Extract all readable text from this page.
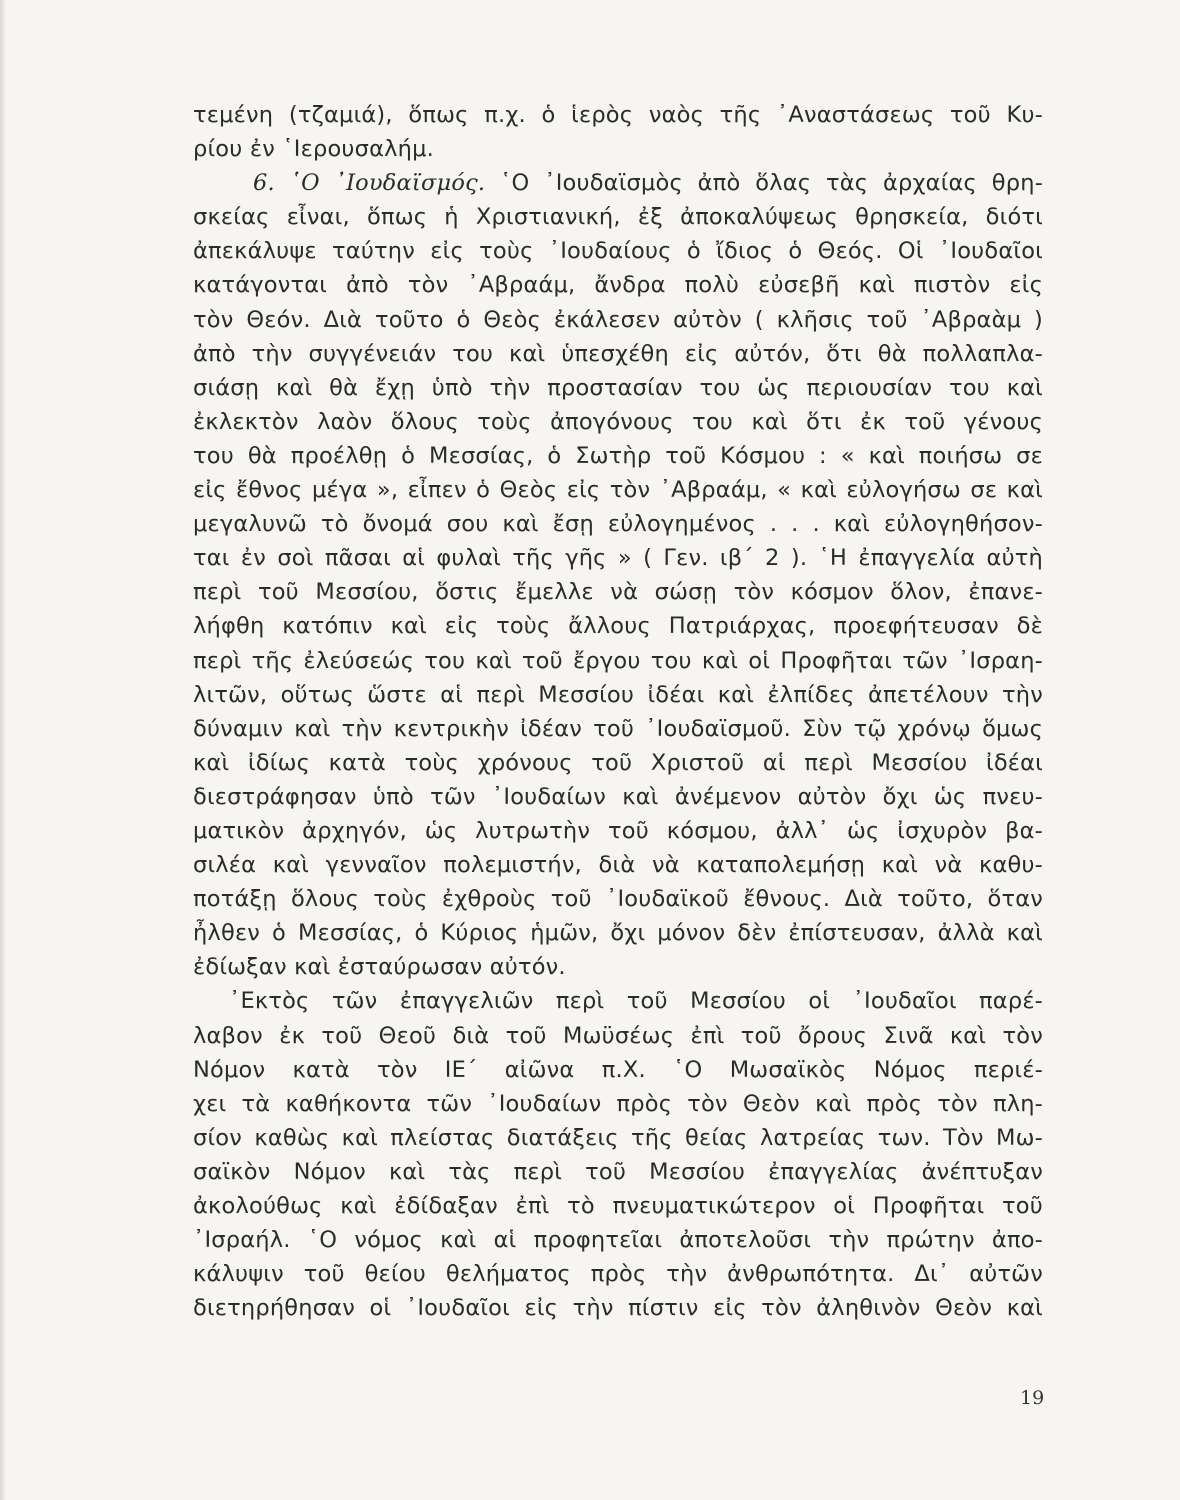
τεμένη (τζαμιά), ὅπως π.χ. ὁ ἱερὸς ναὸς τῆς ᾿Αναστάσεως τοῦ Κυ-
ρίου ἐν ῾Ιερουσαλήμ.
6. ῾Ο ᾿Ιουδαϊσμός. ῾Ο ᾿Ιουδαϊσμὸς ἀπὸ ὅλας τὰς ἀρχαίας θρη-
σκείας εἶναι, ὅπως ἡ Χριστιανική, ἐξ ἀποκαλύψεως θρησκεία, διότι
ἀπεκάλυψε ταύτην εἰς τοὺς ᾿Ιουδαίους ὁ ἴδιος ὁ Θεός. Οἱ ᾿Ιουδαῖοι
κατάγονται ἀπὸ τὸν ᾿Αβραάμ, ἄνδρα πολὺ εὐσεβῆ καὶ πιστὸν εἰς
τὸν Θεόν. Διὰ τοῦτο ὁ Θεὸς ἐκάλεσεν αὐτὸν ( κλῆσις τοῦ ᾿Αβραὰμ )
ἀπὸ τὴν συγγένειάν του καὶ ὑπεσχέθη εἰς αὐτόν, ὅτι θὰ πολλαπλα-
σιάσῃ καὶ θὰ ἔχῃ ὑπὸ τὴν προστασίαν του ὡς περιουσίαν του καὶ
ἐκλεκτὸν λαὸν ὅλους τοὺς ἀπογόνους του καὶ ὅτι ἐκ τοῦ γένους
του θὰ προέλθῃ ὁ Μεσσίας, ὁ Σωτὴρ τοῦ Κόσμου : « καὶ ποιήσω σε
εἰς ἔθνος μέγα », εἶπεν ὁ Θεὸς εἰς τὸν ᾿Αβραάμ, « καὶ εὐλογήσω σε καὶ
μεγαλυνῶ τὸ ὄνομά σου καὶ ἔσῃ εὐλογημένος . . . καὶ εὐλογηθήσον-
ται ἐν σοὶ πᾶσαι αἱ φυλαὶ τῆς γῆς » ( Γεν. ιβ΄ 2 ). ῾Η ἐπαγγελία αὐτὴ
περὶ τοῦ Μεσσίου, ὅστις ἔμελλε νὰ σώσῃ τὸν κόσμον ὅλον, ἐπανε-
λήφθη κατόπιν καὶ εἰς τοὺς ἄλλους Πατριάρχας, προεφήτευσαν δὲ
περὶ τῆς ἐλεύσεώς του καὶ τοῦ ἔργου του καὶ οἱ Προφῆται τῶν ᾿Ισραη-
λιτῶν, οὕτως ὥστε αἱ περὶ Μεσσίου ἰδέαι καὶ ἐλπίδες ἀπετέλουν τὴν
δύναμιν καὶ τὴν κεντρικὴν ἰδέαν τοῦ ᾿Ιουδαϊσμοῦ. Σὺν τῷ χρόνῳ ὅμως
καὶ ἰδίως κατὰ τοὺς χρόνους τοῦ Χριστοῦ αἱ περὶ Μεσσίου ἰδέαι
διεστράφησαν ὑπὸ τῶν ᾿Ιουδαίων καὶ ἀνέμενον αὐτὸν ὄχι ὡς πνευ-
ματικὸν ἀρχηγόν, ὡς λυτρωτὴν τοῦ κόσμου, ἀλλ᾿ ὡς ἰσχυρὸν βα-
σιλέα καὶ γενναῖον πολεμιστήν, διὰ νὰ καταπολεμήσῃ καὶ νὰ καθυ-
ποτάξῃ ὅλους τοὺς ἐχθροὺς τοῦ ᾿Ιουδαϊκοῦ ἔθνους. Διὰ τοῦτο, ὅταν
ἦλθεν ὁ Μεσσίας, ὁ Κύριος ἡμῶν, ὄχι μόνον δὲν ἐπίστευσαν, ἀλλὰ καὶ
ἐδίωξαν καὶ ἐσταύρωσαν αὐτόν.
᾿Εκτὸς τῶν ἐπαγγελιῶν περὶ τοῦ Μεσσίου οἱ ᾿Ιουδαῖοι παρέ-
λαβον ἐκ τοῦ Θεοῦ διὰ τοῦ Μωϋσέως ἐπὶ τοῦ ὄρους Σινᾶ καὶ τὸν
Νόμον κατὰ τὸν ΙΕ΄ αἰῶνα π.Χ. ῾Ο Μωσαϊκὸς Νόμος περιέ-
χει τὰ καθήκοντα τῶν ᾿Ιουδαίων πρὸς τὸν Θεὸν καὶ πρὸς τὸν πλη-
σίον καθὼς καὶ πλείστας διατάξεις τῆς θείας λατρείας των. Τὸν Μω-
σαϊκὸν Νόμον καὶ τὰς περὶ τοῦ Μεσσίου ἐπαγγελίας ἀνέπτυξαν
ἀκολούθως καὶ ἐδίδαξαν ἐπὶ τὸ πνευματικώτερον οἱ Προφῆται τοῦ
᾿Ισραήλ. ῾Ο νόμος καὶ αἱ προφητεῖαι ἀποτελοῦσι τὴν πρώτην ἀπο-
κάλυψιν τοῦ θείου θελήματος πρὸς τὴν ἀνθρωπότητα. Δι᾿ αὐτῶν
διετηρήθησαν οἱ ᾿Ιουδαῖοι εἰς τὴν πίστιν εἰς τὸν ἀληθινὸν Θεὸν καὶ
19
